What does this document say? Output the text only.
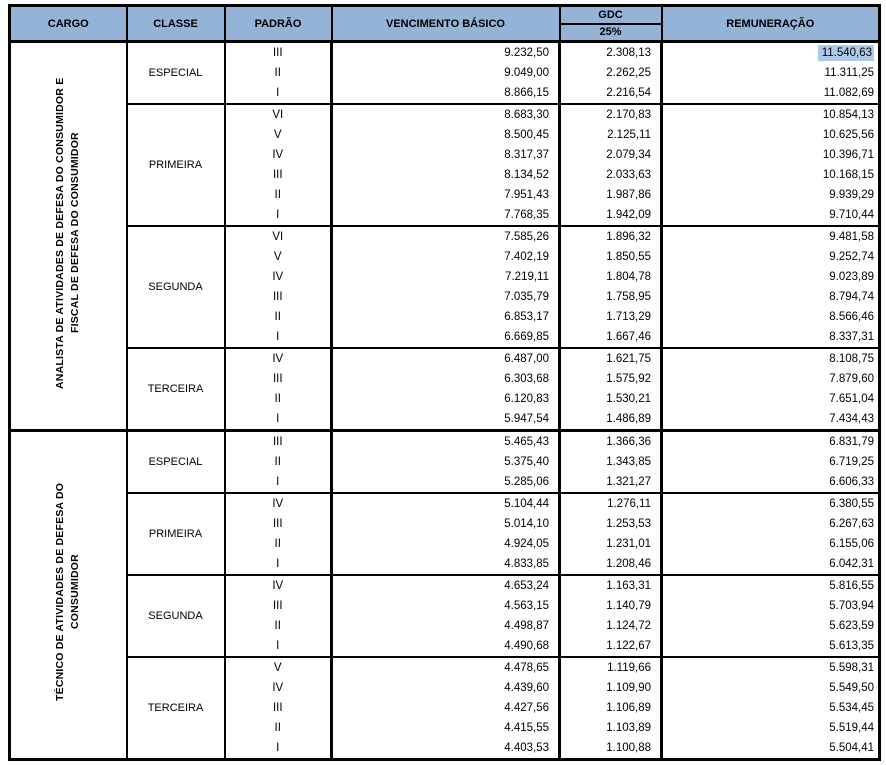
CARGO	CLASSE	PADRÃO	VENCIMENTO BÁSICO	GDC	REMUNERAÇÃO
				25%	

ANALISTA DE ATIVIDADES DE DEFESA DO CONSUMIDOR E FISCAL DE DEFESA DO CONSUMIDOR	ESPECIAL	III	9.232,50	2.308,13	11.540,63
		II	9.049,00	2.262,25	11.311,25
		I	8.866,15	2.216,54	11.082,69
	PRIMEIRA	VI	8.683,30	2.170,83	10.854,13
		V	8.500,45	2.125,11	10.625,56
		IV	8.317,37	2.079,34	10.396,71
		III	8.134,52	2.033,63	10.168,15
		II	7.951,43	1.987,86	9.939,29
		I	7.768,35	1.942,09	9.710,44
	SEGUNDA	VI	7.585,26	1.896,32	9.481,58
		V	7.402,19	1.850,55	9.252,74
		IV	7.219,11	1.804,78	9.023,89
		III	7.035,79	1.758,95	8.794,74
		II	6.853,17	1.713,29	8.566,46
		I	6.669,85	1.667,46	8.337,31
	TERCEIRA	IV	6.487,00	1.621,75	8.108,75
		III	6.303,68	1.575,92	7.879,60
		II	6.120,83	1.530,21	7.651,04
		I	5.947,54	1.486,89	7.434,43

TÉCNICO DE ATIVIDADES DE DEFESA DO CONSUMIDOR	ESPECIAL	III	5.465,43	1.366,36	6.831,79
		II	5.375,40	1.343,85	6.719,25
		I	5.285,06	1.321,27	6.606,33
	PRIMEIRA	IV	5.104,44	1.276,11	6.380,55
		III	5.014,10	1.253,53	6.267,63
		II	4.924,05	1.231,01	6.155,06
		I	4.833,85	1.208,46	6.042,31
	SEGUNDA	IV	4.653,24	1.163,31	5.816,55
		III	4.563,15	1.140,79	5.703,94
		II	4.498,87	1.124,72	5.623,59
		I	4.490,68	1.122,67	5.613,35
	TERCEIRA	V	4.478,65	1.119,66	5.598,31
		IV	4.439,60	1.109,90	5.549,50
		III	4.427,56	1.106,89	5.534,45
		II	4.415,55	1.103,89	5.519,44
		I	4.403,53	1.100,88	5.504,41
